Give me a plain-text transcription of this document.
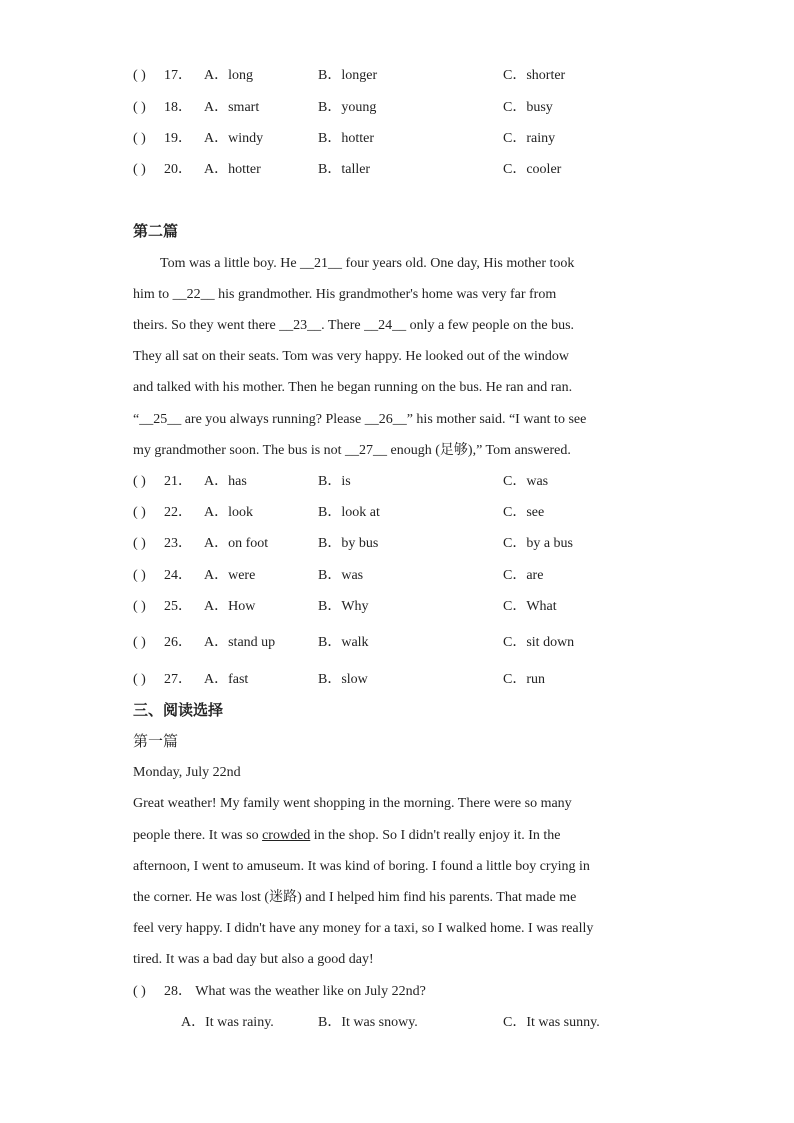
( ) 17． A．long	B．longer	C．shorter
( ) 18． A．smart	B．young	C．busy
( ) 19． A．windy	B．hotter	C．rainy
( ) 20． A．hotter	B．taller	C．cooler
第二篇
Tom was a little boy. He __21__ four years old. One day, His mother took
him to __22__ his grandmother. His grandmother's home was very far from
theirs. So they went there __23__. There __24__ only a few people on the bus.
They all sat on their seats. Tom was very happy. He looked out of the window
and talked with his mother. Then he began running on the bus. He ran and ran.
“__25__ are you always running? Please __26__” his mother said. “I want to see
my grandmother soon. The bus is not __27__ enough (足够),” Tom answered.
( ) 21． A．has	B．is	C．was
( ) 22． A．look	B．look at	C．see
( ) 23． A．on foot	B．by bus	C．by a bus
( ) 24． A．were	B．was	C．are
( ) 25． A．How	B．Why	C．What
( ) 26． A．stand up	B．walk	C．sit down
( ) 27． A．fast	B．slow	C．run
三、阅读选择
第一篇
Monday, July 22nd
Great weather! My family went shopping in the morning. There were so many
people there. It was so crowded in the shop. So I didn't really enjoy it. In the
afternoon, I went to amuseum. It was kind of boring. I found a little boy crying in
the corner. He was lost (迷路) and I helped him find his parents. That made me
feel very happy. I didn't have any money for a taxi, so I walked home. I was really
tired. It was a bad day but also a good day!
( ) 28． What was the weather like on July 22nd?
A．It was rainy.	B．It was snowy.	C．It was sunny.
